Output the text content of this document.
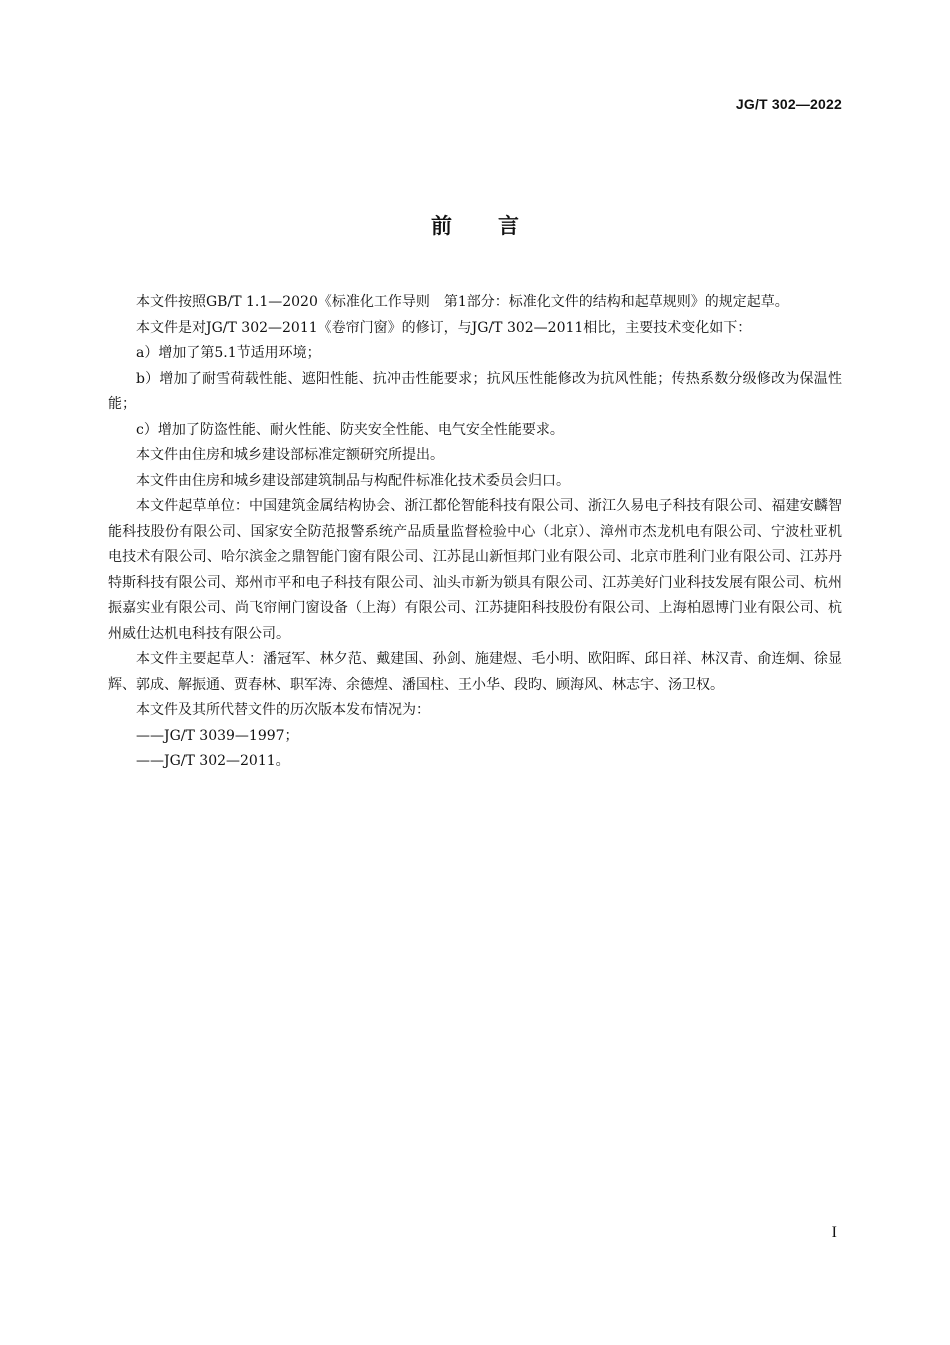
JG/T 302—2022
前言

本文件按照GB/T 1.1—2020《标准化工作导则　第1部分：标准化文件的结构和起草规则》的规定起草。

本文件是对JG/T 302—2011《卷帘门窗》的修订，与JG/T 302—2011相比，主要技术变化如下：

a）增加了第5.1节适用环境；

b）增加了耐雪荷载性能、遮阳性能、抗冲击性能要求；抗风压性能修改为抗风性能；传热系数分级修改为保温性能；

c）增加了防盗性能、耐火性能、防夹安全性能、电气安全性能要求。

本文件由住房和城乡建设部标准定额研究所提出。

本文件由住房和城乡建设部建筑制品与构配件标准化技术委员会归口。

本文件起草单位：中国建筑金属结构协会、浙江都伦智能科技有限公司、浙江久易电子科技有限公司、福建安麟智能科技股份有限公司、国家安全防范报警系统产品质量监督检验中心（北京）、漳州市杰龙机电有限公司、宁波杜亚机电技术有限公司、哈尔滨金之鼎智能门窗有限公司、江苏昆山新恒邦门业有限公司、北京市胜利门业有限公司、江苏丹特斯科技有限公司、郑州市平和电子科技有限公司、汕头市新为锁具有限公司、江苏美好门业科技发展有限公司、杭州振嘉实业有限公司、尚飞帘闸门窗设备（上海）有限公司、江苏捷阳科技股份有限公司、上海柏恩博门业有限公司、杭州威仕达机电科技有限公司。

本文件主要起草人：潘冠军、林夕范、戴建国、孙剑、施建煜、毛小明、欧阳晖、邱日祥、林汉青、俞连炯、徐显辉、郭成、解振通、贾春林、职军涛、余德煌、潘国柱、王小华、段昀、顾海风、林志宇、汤卫权。

本文件及其所代替文件的历次版本发布情况为：

——JG/T 3039—1997；

——JG/T 302—2011。

I
